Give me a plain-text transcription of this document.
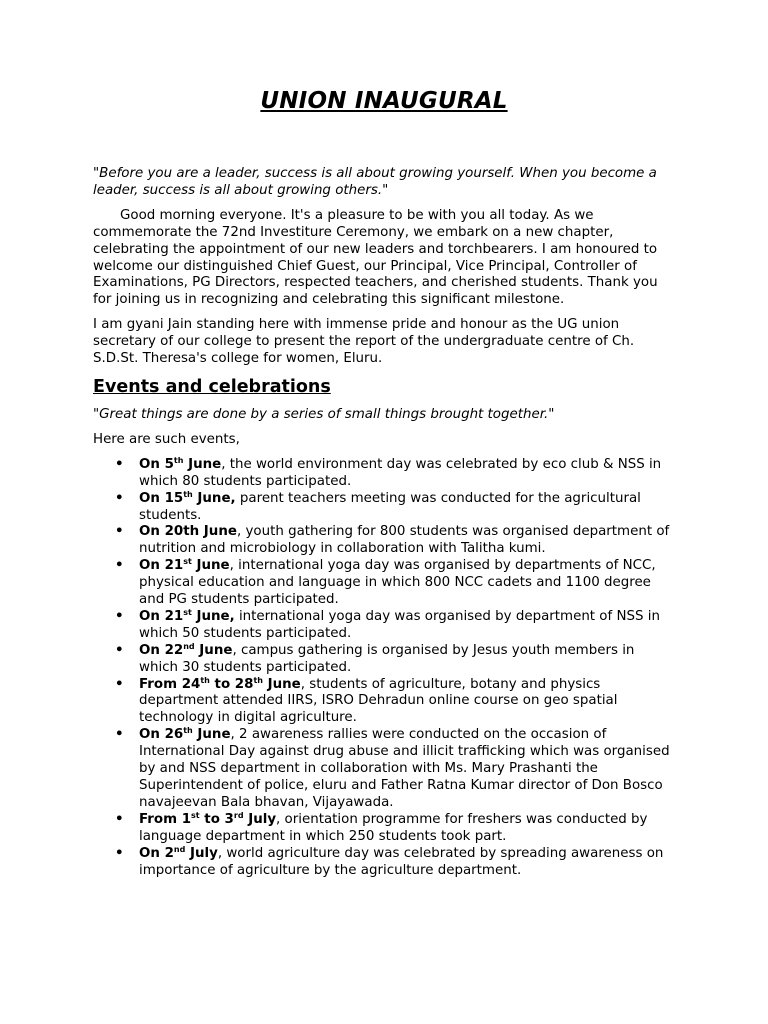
UNION INAUGURAL

"Before you are a leader, success is all about growing yourself. When you become a leader, success is all about growing others."

Good morning everyone. It's a pleasure to be with you all today. As we commemorate the 72nd Investiture Ceremony, we embark on a new chapter, celebrating the appointment of our new leaders and torchbearers. I am honoured to welcome our distinguished Chief Guest, our Principal, Vice Principal, Controller of Examinations, PG Directors, respected teachers, and cherished students. Thank you for joining us in recognizing and celebrating this significant milestone.

I am gyani Jain standing here with immense pride and honour as the UG union secretary of our college to present the report of the undergraduate centre of Ch. S.D.St. Theresa's college for women, Eluru.

Events and celebrations

"Great things are done by a series of small things brought together."

Here are such events,

• On 5th June, the world environment day was celebrated by eco club & NSS in which 80 students participated.
• On 15th June, parent teachers meeting was conducted for the agricultural students.
• On 20th June, youth gathering for 800 students was organised department of nutrition and microbiology in collaboration with Talitha kumi.
• On 21st June, international yoga day was organised by departments of NCC, physical education and language in which 800 NCC cadets and 1100 degree and PG students participated.
• On 21st June, international yoga day was organised by department of NSS in which 50 students participated.
• On 22nd June, campus gathering is organised by Jesus youth members in which 30 students participated.
• From 24th to 28th June, students of agriculture, botany and physics department attended IIRS, ISRO Dehradun online course on geo spatial technology in digital agriculture.
• On 26th June, 2 awareness rallies were conducted on the occasion of International Day against drug abuse and illicit trafficking which was organised by and NSS department in collaboration with Ms. Mary Prashanti the Superintendent of police, eluru and Father Ratna Kumar director of Don Bosco navajeevan Bala bhavan, Vijayawada.
• From 1st to 3rd July, orientation programme for freshers was conducted by language department in which 250 students took part.
• On 2nd July, world agriculture day was celebrated by spreading awareness on importance of agriculture by the agriculture department.
